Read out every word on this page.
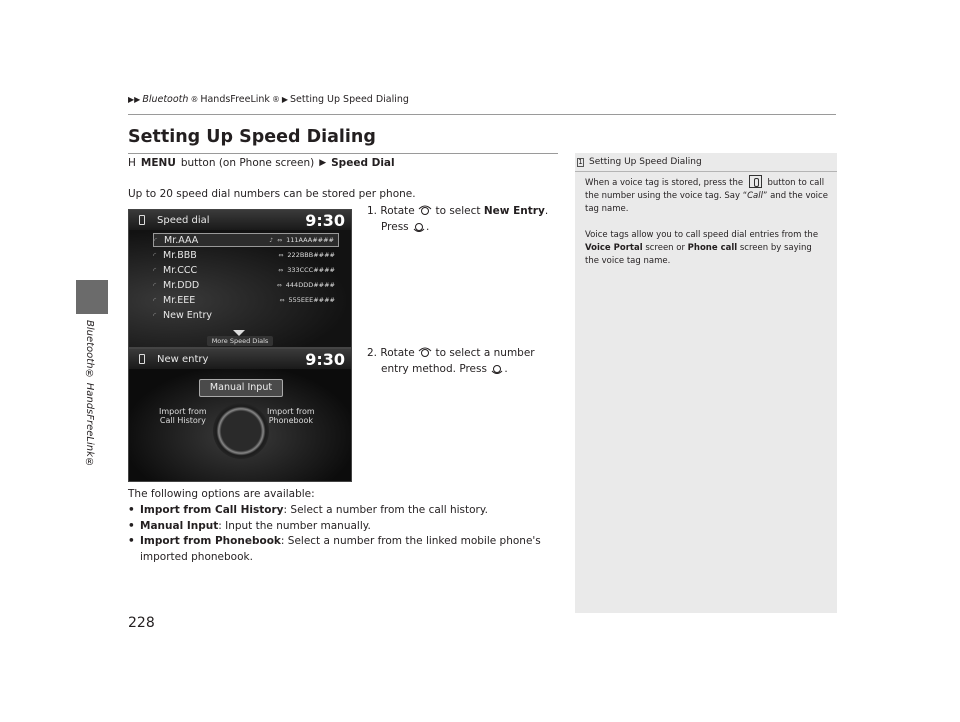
Bluetooth® HandsFreeLink®
▶▶ Bluetooth ® HandsFreeLink ® ▶ Setting Up Speed Dialing
Setting Up Speed Dialing
H MENU button (on Phone screen) ▶ Speed Dial
Up to 20 speed dial numbers can be stored per phone.
1. Rotate to select New Entry.
Press .
Speed dial	9:30
◜ Mr.AAA	♪ ⇔ 111AAA####
◜ Mr.BBB	⇔ 222BBB####
◜ Mr.CCC	⇔ 333CCC####
◜ Mr.DDD	⇔ 444DDD####
◜ Mr.EEE	⇔ 555EEE####
◜ New Entry
More Speed Dials
2. Rotate to select a number
entry method. Press .
New entry	9:30
Manual Input
Import from
Call History
Import from
Phonebook
The following options are available:
• Import from Call History: Select a number from the call history.
• Manual Input: Input the number manually.
• Import from Phonebook: Select a number from the linked mobile phone's imported phonebook.
1 Setting Up Speed Dialing

When a voice tag is stored, press the	button to call the number using the voice tag. Say “Call” and the voice tag name.

Voice tags allow you to call speed dial entries from the Voice Portal screen or Phone call screen by saying the voice tag name.

228
